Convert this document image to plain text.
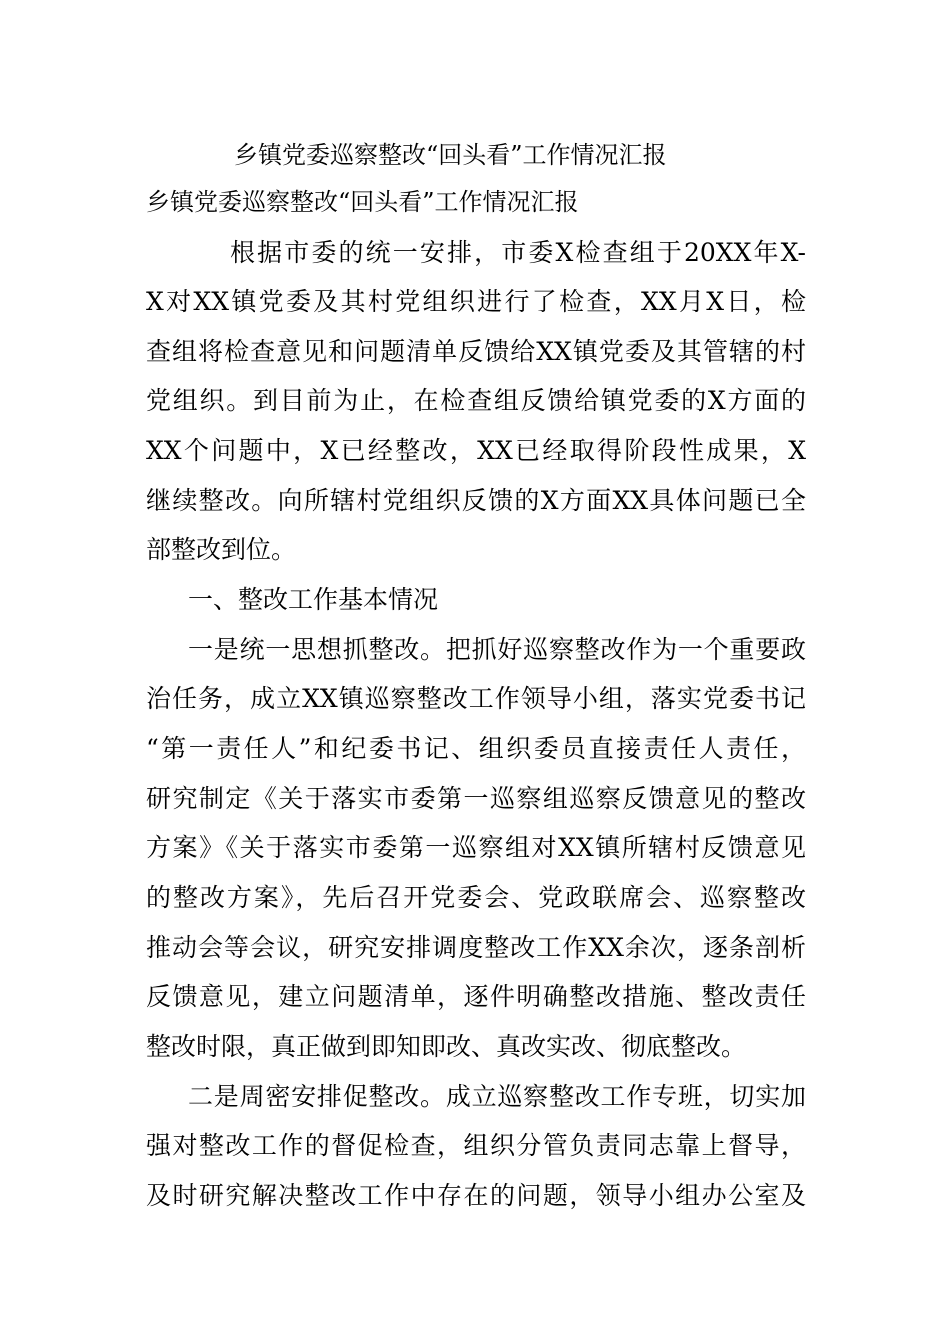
乡镇党委巡察整改“回头看”工作情况汇报
乡镇党委巡察整改“回头看”工作情况汇报
根据市委的统一安排，市委X检查组于20XX年X-
X对XX镇党委及其村党组织进行了检查，XX月X日，检
查组将检查意见和问题清单反馈给XX镇党委及其管辖的村
党组织。到目前为止，在检查组反馈给镇党委的X方面的
XX个问题中，X已经整改，XX已经取得阶段性成果，X
继续整改。向所辖村党组织反馈的X方面XX具体问题已全
部整改到位。
一、整改工作基本情况
一是统一思想抓整改。把抓好巡察整改作为一个重要政
治任务，成立XX镇巡察整改工作领导小组，落实党委书记
“第一责任人”和纪委书记、组织委员直接责任人责任，
研究制定《关于落实市委第一巡察组巡察反馈意见的整改
方案》《关于落实市委第一巡察组对XX镇所辖村反馈意见
的整改方案》，先后召开党委会、党政联席会、巡察整改
推动会等会议，研究安排调度整改工作XX余次，逐条剖析
反馈意见，建立问题清单，逐件明确整改措施、整改责任
整改时限，真正做到即知即改、真改实改、彻底整改。
二是周密安排促整改。成立巡察整改工作专班，切实加
强对整改工作的督促检查，组织分管负责同志靠上督导，
及时研究解决整改工作中存在的问题，领导小组办公室及
